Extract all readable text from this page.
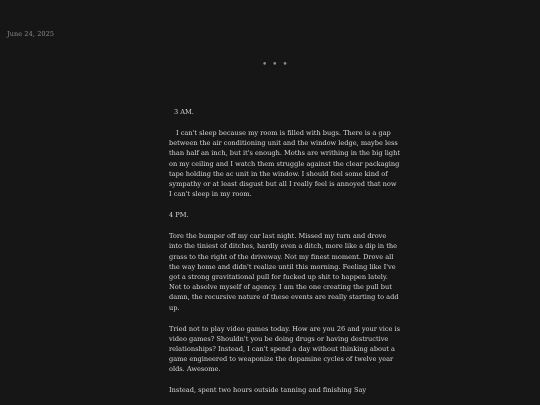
June 24, 2025
• • •

3 AM.

I can't sleep because my room is filled with bugs. There is a gap between the air conditioning unit and the window ledge, maybe less than half an inch, but it's enough. Moths are writhing in the big light on my ceiling and I watch them struggle against the clear packaging tape holding the ac unit in the window. I should feel some kind of sympathy or at least disgust but all I really feel is annoyed that now I can't sleep in my room.

4 PM.

Tore the bumper off my car last night. Missed my turn and drove into the tiniest of ditches, hardly even a ditch, more like a dip in the grass to the right of the driveway. Not my finest moment. Drove all the way home and didn't realize until this morning. Feeling like I've got a strong gravitational pull for fucked up shit to happen lately. Not to absolve myself of agency. I am the one creating the pull but damn, the recursive nature of these events are really starting to add up.

Tried not to play video games today. How are you 26 and your vice is video games? Shouldn't you be doing drugs or having destructive relationships? Instead, I can't spend a day without thinking about a game engineered to weaponize the dopamine cycles of twelve year olds. Awesome.

Instead, spent two hours outside tanning and finishing Say
